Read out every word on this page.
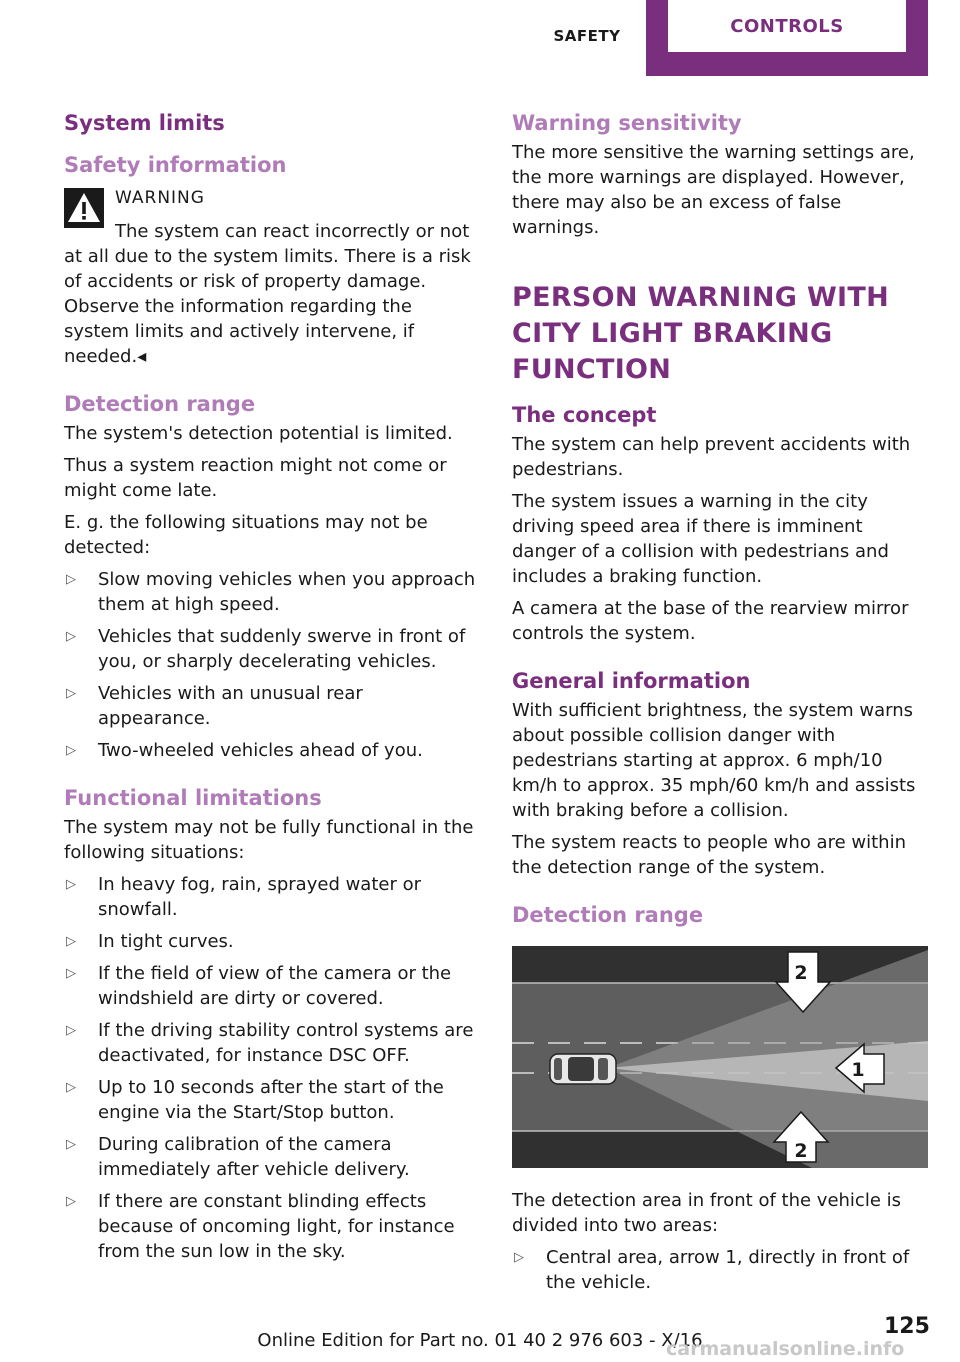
SAFETY	CONTROLS
System limits
Safety information
WARNING

The system can react incorrectly or not at all due to the system limits. There is a risk of accidents or risk of property damage. Observe the information regarding the system limits and actively intervene, if needed.◂

Detection range

The system's detection potential is limited.

Thus a system reaction might not come or might come late.

E. g. the following situations may not be detected:

▷ Slow moving vehicles when you approach them at high speed.
▷ Vehicles that suddenly swerve in front of you, or sharply decelerating vehicles.
▷ Vehicles with an unusual rear appearance.
▷ Two-wheeled vehicles ahead of you.
Functional limitations

The system may not be fully functional in the following situations:

▷ In heavy fog, rain, sprayed water or snowfall.
▷ In tight curves.
▷ If the field of view of the camera or the windshield are dirty or covered.
▷ If the driving stability control systems are deactivated, for instance DSC OFF.
▷ Up to 10 seconds after the start of the engine via the Start/Stop button.
▷ During calibration of the camera immediately after vehicle delivery.
▷ If there are constant blinding effects because of oncoming light, for instance from the sun low in the sky.
Warning sensitivity

The more sensitive the warning settings are, the more warnings are displayed. However, there may also be an excess of false warnings.

PERSON WARNING WITH CITY LIGHT BRAKING FUNCTION
The concept

The system can help prevent accidents with pedestrians.

The system issues a warning in the city driving speed area if there is imminent danger of a collision with pedestrians and includes a braking function.

A camera at the base of the rearview mirror controls the system.

General information

With sufficient brightness, the system warns about possible collision danger with pedestrians starting at approx. 6 mph/10 km/h to approx. 35 mph/60 km/h and assists with braking before a collision.

The system reacts to people who are within the detection range of the system.

Detection range
2
1
2

The detection area in front of the vehicle is divided into two areas:

▷ Central area, arrow 1, directly in front of the vehicle.
125
Online Edition for Part no. 01 40 2 976 603 - X/16
carmanualsonline.info
